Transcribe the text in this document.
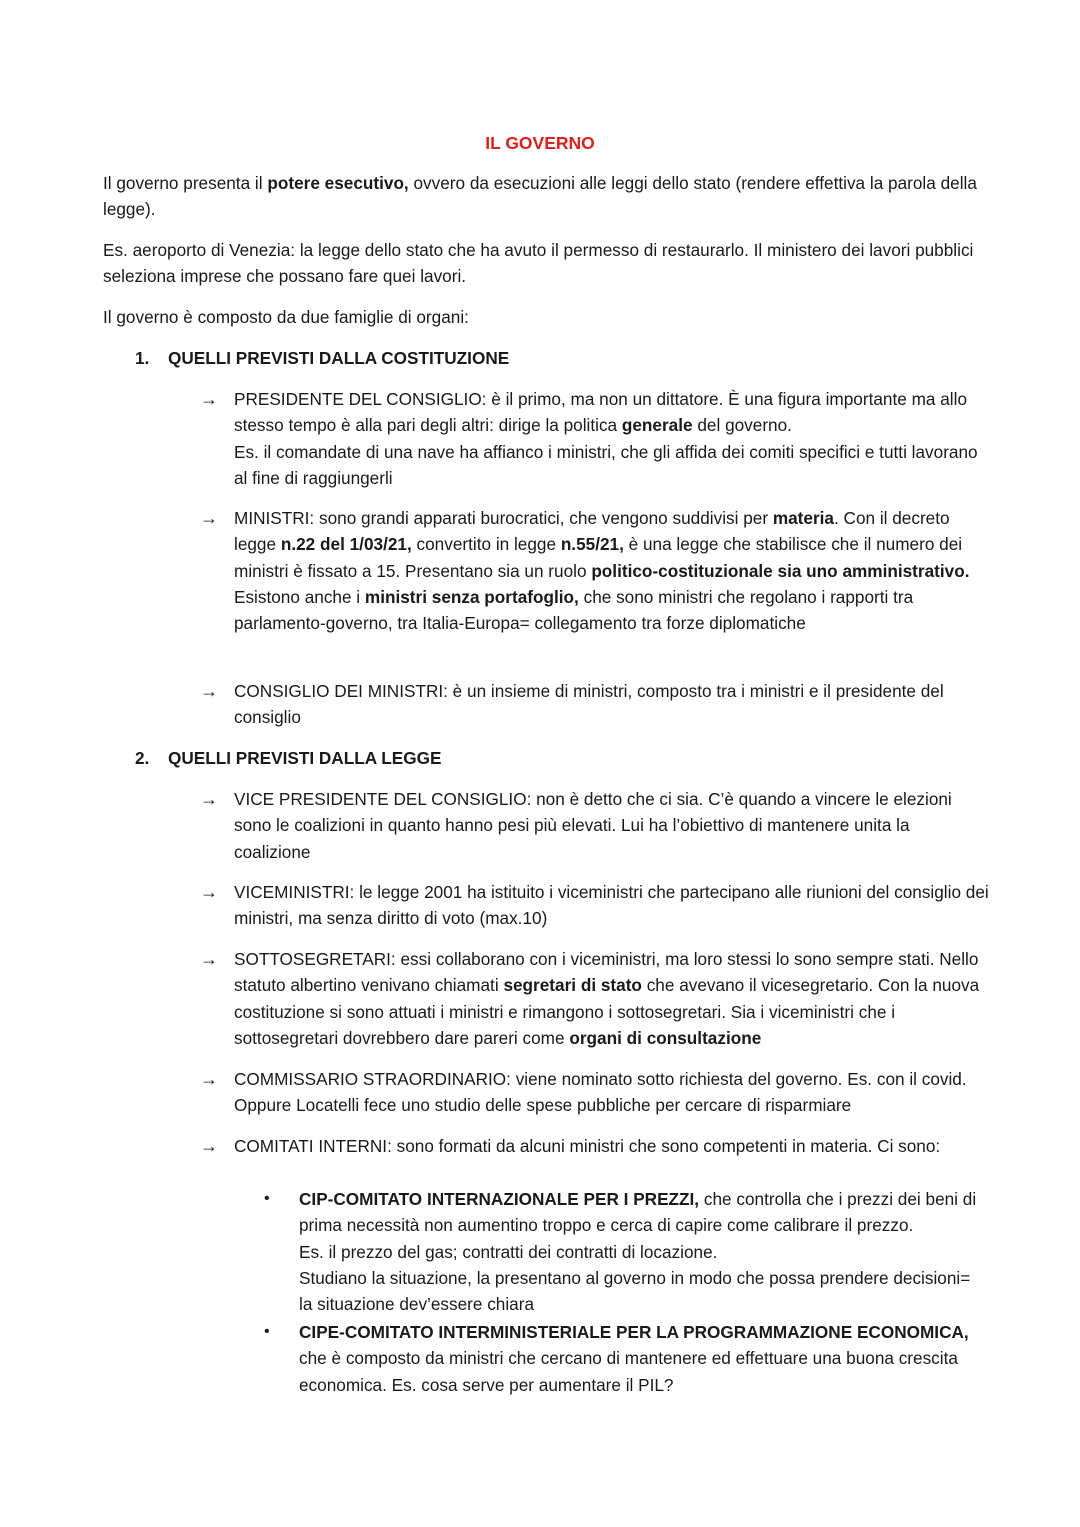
IL GOVERNO

Il governo presenta il potere esecutivo, ovvero da esecuzioni alle leggi dello stato (rendere effettiva la parola della legge).

Es. aeroporto di Venezia: la legge dello stato che ha avuto il permesso di restaurarlo. Il ministero dei lavori pubblici seleziona imprese che possano fare quei lavori.

Il governo è composto da due famiglie di organi:

1. QUELLI PREVISTI DALLA COSTITUZIONE

→ PRESIDENTE DEL CONSIGLIO: è il primo, ma non un dittatore. È una figura importante ma allo stesso tempo è alla pari degli altri: dirige la politica generale del governo.
Es. il comandate di una nave ha affianco i ministri, che gli affida dei comiti specifici e tutti lavorano al fine di raggiungerli
→ MINISTRI: sono grandi apparati burocratici, che vengono suddivisi per materia. Con il decreto legge n.22 del 1/03/21, convertito in legge n.55/21, è una legge che stabilisce che il numero dei ministri è fissato a 15. Presentano sia un ruolo politico-costituzionale sia uno amministrativo.
Esistono anche i ministri senza portafoglio, che sono ministri che regolano i rapporti tra parlamento-governo, tra Italia-Europa= collegamento tra forze diplomatiche
→ CONSIGLIO DEI MINISTRI: è un insieme di ministri, composto tra i ministri e il presidente del consiglio

2. QUELLI PREVISTI DALLA LEGGE

→ VICE PRESIDENTE DEL CONSIGLIO: non è detto che ci sia. C’è quando a vincere le elezioni sono le coalizioni in quanto hanno pesi più elevati. Lui ha l’obiettivo di mantenere unita la coalizione
→ VICEMINISTRI: le legge 2001 ha istituito i viceministri che partecipano alle riunioni del consiglio dei ministri, ma senza diritto di voto (max.10)
→ SOTTOSEGRETARI: essi collaborano con i viceministri, ma loro stessi lo sono sempre stati. Nello statuto albertino venivano chiamati segretari di stato che avevano il vicesegretario. Con la nuova costituzione si sono attuati i ministri e rimangono i sottosegretari. Sia i viceministri che i sottosegretari dovrebbero dare pareri come organi di consultazione
→ COMMISSARIO STRAORDINARIO: viene nominato sotto richiesta del governo. Es. con il covid. Oppure Locatelli fece uno studio delle spese pubbliche per cercare di risparmiare
→ COMITATI INTERNI: sono formati da alcuni ministri che sono competenti in materia. Ci sono:
•	CIP-COMITATO INTERNAZIONALE PER I PREZZI, che controlla che i prezzi dei beni di prima necessità non aumentino troppo e cerca di capire come calibrare il prezzo.
Es. il prezzo del gas; contratti dei contratti di locazione.
Studiano la situazione, la presentano al governo in modo che possa prendere decisioni= la situazione dev’essere chiara
•	CIPE-COMITATO INTERMINISTERIALE PER LA PROGRAMMAZIONE ECONOMICA, che è composto da ministri che cercano di mantenere ed effettuare una buona crescita economica. Es. cosa serve per aumentare il PIL?
